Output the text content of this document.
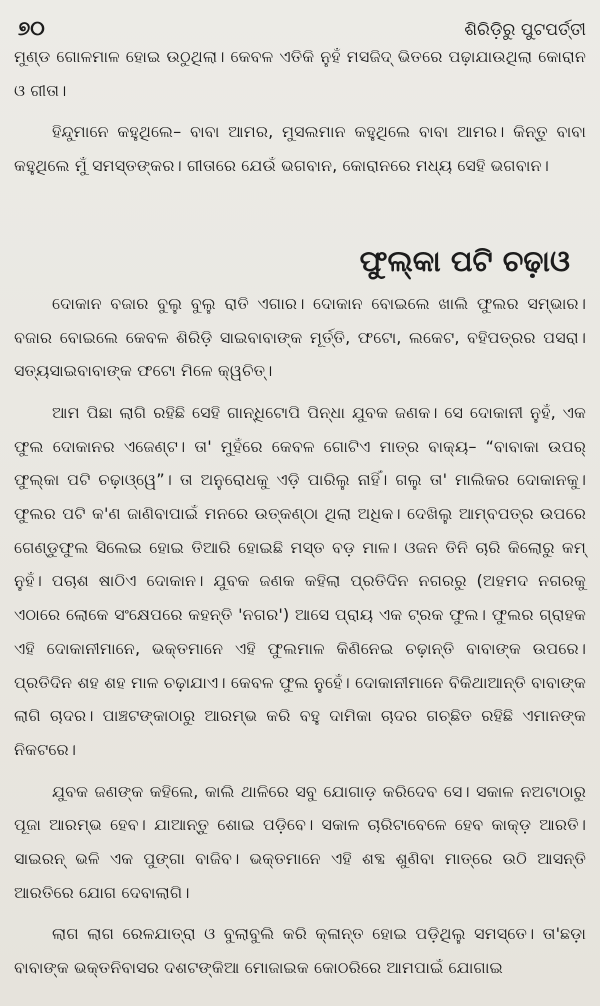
୭୦	ଶିରିଡ଼ିରୁ ପୁଟପର୍ତ୍ତୀ

ମୁଣ୍ଡ ଗୋଳମାଳ ହୋଇ ଉଠୁଥିଲା। କେବଳ ଏତିକି ନୁହଁ ମସଜିଦ୍ ଭିତରେ ପଢ଼ାଯାଉଥିଲା କୋରାନ ଓ ଗୀତା।

ହିନ୍ଦୁମାନେ କହୁଥିଲେ– ବାବା ଆମର, ମୁସଲମାନ କହୁଥିଲେ ବାବା ଆମର। କିନ୍ତୁ ବାବା କହୁଥିଲେ ମୁଁ ସମସ୍ତଙ୍କର। ଗୀତାରେ ଯେଉଁ ଭଗବାନ, କୋରାନରେ ମଧ୍ୟ ସେହି ଭଗବାନ।

ଫୁଲ୍‌କା ପଟି ଚଢ଼ାଓ

ଦୋକାନ ବଜାର ବୁଲୁ ବୁଲୁ ରାତି ଏଗାର। ଦୋକାନ ବୋଇଲେ ଖାଲି ଫୁଲର ସମ୍ଭାର। ବଜାର ବୋଇଲେ କେବଳ ଶିରିଡ଼ି ସାଇବାବାଙ୍କ ମୂର୍ତ୍ତି, ଫଟୋ, ଲକେଟ, ବହିପତ୍ରର ପସରା। ସତ୍ୟସାଇବାବାଙ୍କ ଫଟୋ ମିଳେ କ୍ୱଚିତ୍।

ଆମ ପିଛା ଲାଗି ରହିଛି ସେହି ଗାନ୍ଧିଟୋପି ପିନ୍ଧା ଯୁବକ ଜଣକ। ସେ ଦୋକାନୀ ନୁହଁ, ଏକ ଫୁଲ ଦୋକାନର ଏଜେଣ୍ଟ। ତା' ମୁହଁରେ କେବଳ ଗୋଟିଏ ମାତ୍ର ବାକ୍ୟ– “ବାବାକା ଉପର୍ ଫୁଲ୍‌କା ପଟି ଚଢ଼ାଓ୍ୱେ”। ତା ଅନୁରୋଧକୁ ଏଡ଼ି ପାରିଲୁ ନାହିଁ। ଗଲୁ ତା' ମାଲିକର ଦୋକାନକୁ। ଫୁଲର ପଟି କ'ଣ ଜାଣିବାପାଇଁ ମନରେ ଉତ୍କଣ୍ଠା ଥିଲା ଅଧିକ। ଦେଖିଲୁ ଆମ୍ବପତ୍ର ଉପରେ ଗେଣ୍ଡୁଫୁଲ ସିଲେଇ ହୋଇ ତିଆରି ହୋଇଛି ମସ୍ତ ବଡ଼ ମାଳ। ଓଜନ ତିନି ଚାରି କିଲୋରୁ କମ୍ ନୁହଁ। ପଚାଶ ଷାଠିଏ ଦୋକାନ। ଯୁବକ ଜଣକ କହିଲା ପ୍ରତିଦିନ ନଗରରୁ (ଅହମଦ ନଗରକୁ ଏଠାରେ ଲୋକେ ସଂକ୍ଷେପରେ କହନ୍ତି 'ନଗର') ଆସେ ପ୍ରାୟ ଏକ ଟ୍ରକ ଫୁଲ। ଫୁଲର ଗ୍ରାହକ ଏହି ଦୋକାନୀମାନେ, ଭକ୍ତମାନେ ଏହି ଫୁଲମାଳ କିଣିନେଇ ଚଢ଼ାନ୍ତି ବାବାଙ୍କ ଉପରେ। ପ୍ରତିଦିନ ଶହ ଶହ ମାଳ ଚଢ଼ାଯାଏ। କେବଳ ଫୁଲ ନୁହେଁ। ଦୋକାନୀମାନେ ବିକିଥାଆନ୍ତି ବାବାଙ୍କ ଲାଗି ଚାଦର। ପାଞ୍ଚଟଙ୍କାଠାରୁ ଆରମ୍ଭ କରି ବହୁ ଦାମିକା ଚାଦର ଗଚ୍ଛିତ ରହିଛି ଏମାନଙ୍କ ନିକଟରେ।

ଯୁବକ ଜଣଙ୍କ କହିଲେ, କାଲି ଥାଳିରେ ସବୁ ଯୋଗାଡ଼ କରିଦେବ ସେ। ସକାଳ ନଅଟାଠାରୁ ପୂଜା ଆରମ୍ଭ ହେବ। ଯାଆନ୍ତୁ ଶୋଇ ପଡ଼ିବେ। ସକାଳ ଚାରିଟାବେଳେ ହେବ କାକ୍‌ଡ଼ ଆରତି। ସାଇରନ୍ ଭଳି ଏକ ପୁଙ୍ଗା ବାଜିବ। ଭକ୍ତମାନେ ଏହି ଶବ୍ଦ ଶୁଣିବା ମାତ୍ରେ ଉଠି ଆସନ୍ତି ଆରତିରେ ଯୋଗ ଦେବାଲାଗି।

ଲାଗ ଲାଗ ରେଳଯାତ୍ରା ଓ ବୁଲାବୁଲି କରି କ୍ଳାନ୍ତ ହୋଇ ପଡ଼ିଥିଲୁ ସମସ୍ତେ। ତା'ଛଡ଼ା ବାବାଙ୍କ ଭକ୍ତନିବାସର ଦଶଟଙ୍କିଆ ମୋଜାଇକ କୋଠରିରେ ଆମପାଇଁ ଯୋଗାଇ
